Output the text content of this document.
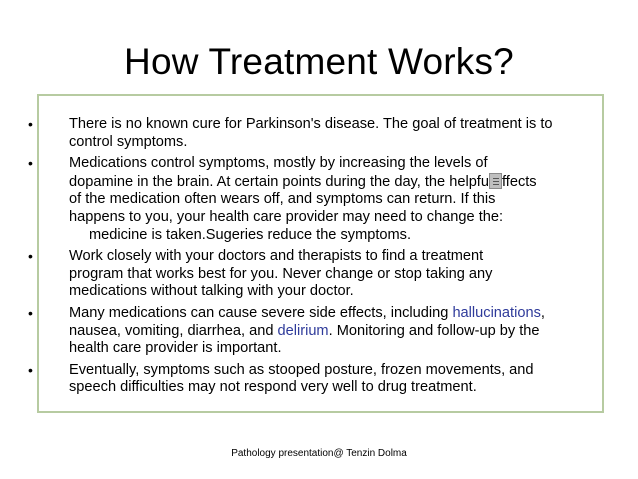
How Treatment Works?
• There is no known cure for Parkinson's disease. The goal of treatment is to
control symptoms.

• Medications control symptoms, mostly by increasing the levels of
dopamine in the brain. At certain points during the day, the helpfu ffects
of the medication often wears off, and symptoms can return. If this
happens to you, your health care provider may need to change the:

medicine is taken.Sugeries reduce the symptoms.

• Work closely with your doctors and therapists to find a treatment
program that works best for you. Never change or stop taking any
medications without talking with your doctor.

• Many medications can cause severe side effects, including hallucinations,
nausea, vomiting, diarrhea, and delirium. Monitoring and follow-up by the
health care provider is important.

• Eventually, symptoms such as stooped posture, frozen movements, and
speech difficulties may not respond very well to drug treatment.

Pathology presentation@ Tenzin Dolma
